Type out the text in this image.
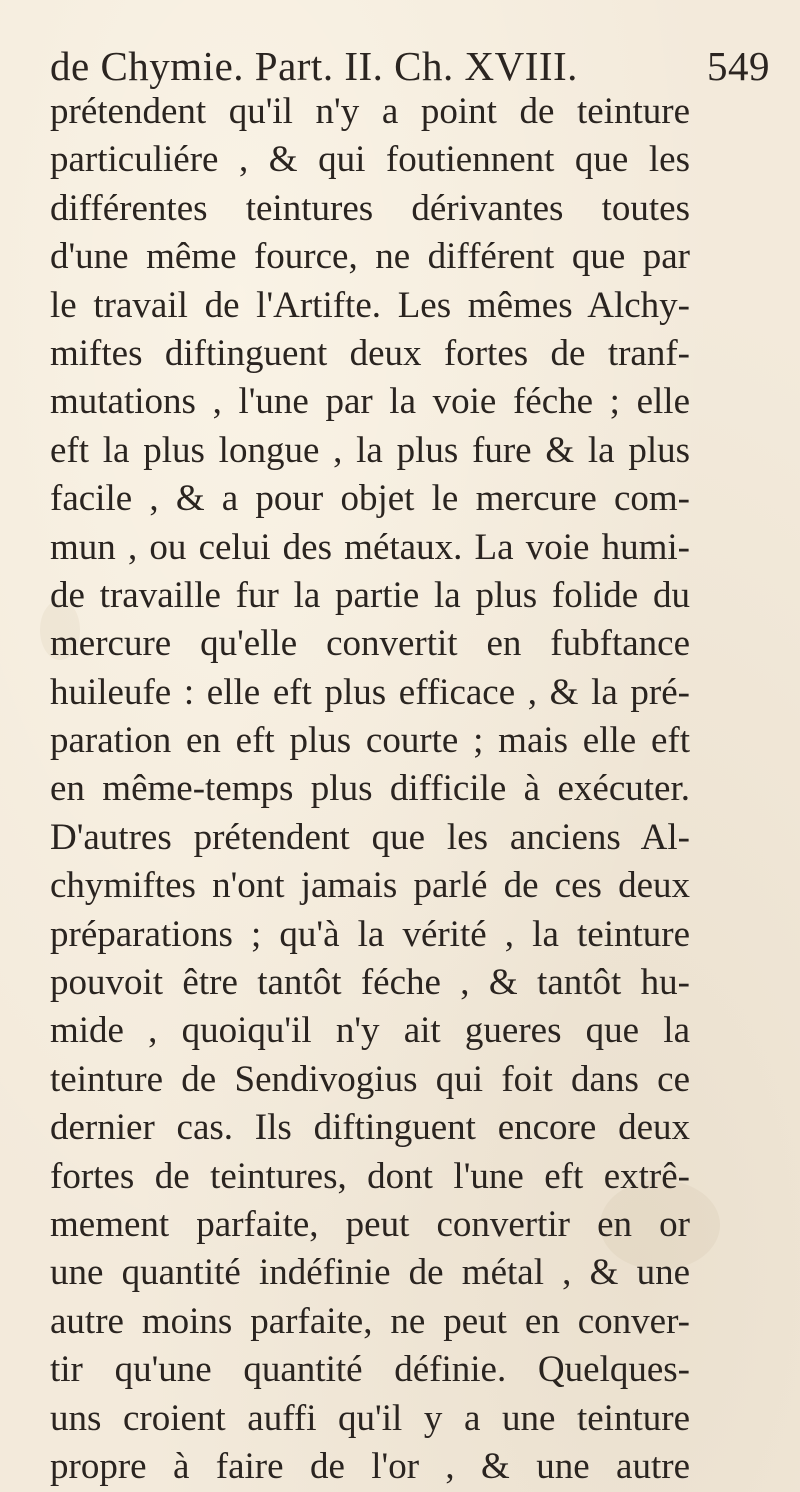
de Chymie. Part. II. Ch. XVIII.	549
prétendent qu'il n'y a point de teinture
particuliére , & qui foutiennent que les
différentes teintures dérivantes toutes
d'une même fource, ne différent que par
le travail de l'Artifte. Les mêmes Alchy-
miftes diftinguent deux fortes de tranf-
mutations , l'une par la voie féche ; elle
eft la plus longue , la plus fure & la plus
facile , & a pour objet le mercure com-
mun , ou celui des métaux. La voie humi-
de travaille fur la partie la plus folide du
mercure qu'elle convertit en fubftance
huileufe : elle eft plus efficace , & la pré-
paration en eft plus courte ; mais elle eft
en même-temps plus difficile à exécuter.
D'autres prétendent que les anciens Al-
chymiftes n'ont jamais parlé de ces deux
préparations ; qu'à la vérité , la teinture
pouvoit être tantôt féche , & tantôt hu-
mide , quoiqu'il n'y ait gueres que la
teinture de Sendivogius qui foit dans ce
dernier cas. Ils diftinguent encore deux
fortes de teintures, dont l'une eft extrê-
mement parfaite, peut convertir en or
une quantité indéfinie de métal , & une
autre moins parfaite, ne peut en conver-
tir qu'une quantité définie. Quelques-
uns croient auffi qu'il y a une teinture
propre à faire de l'or , & une autre
